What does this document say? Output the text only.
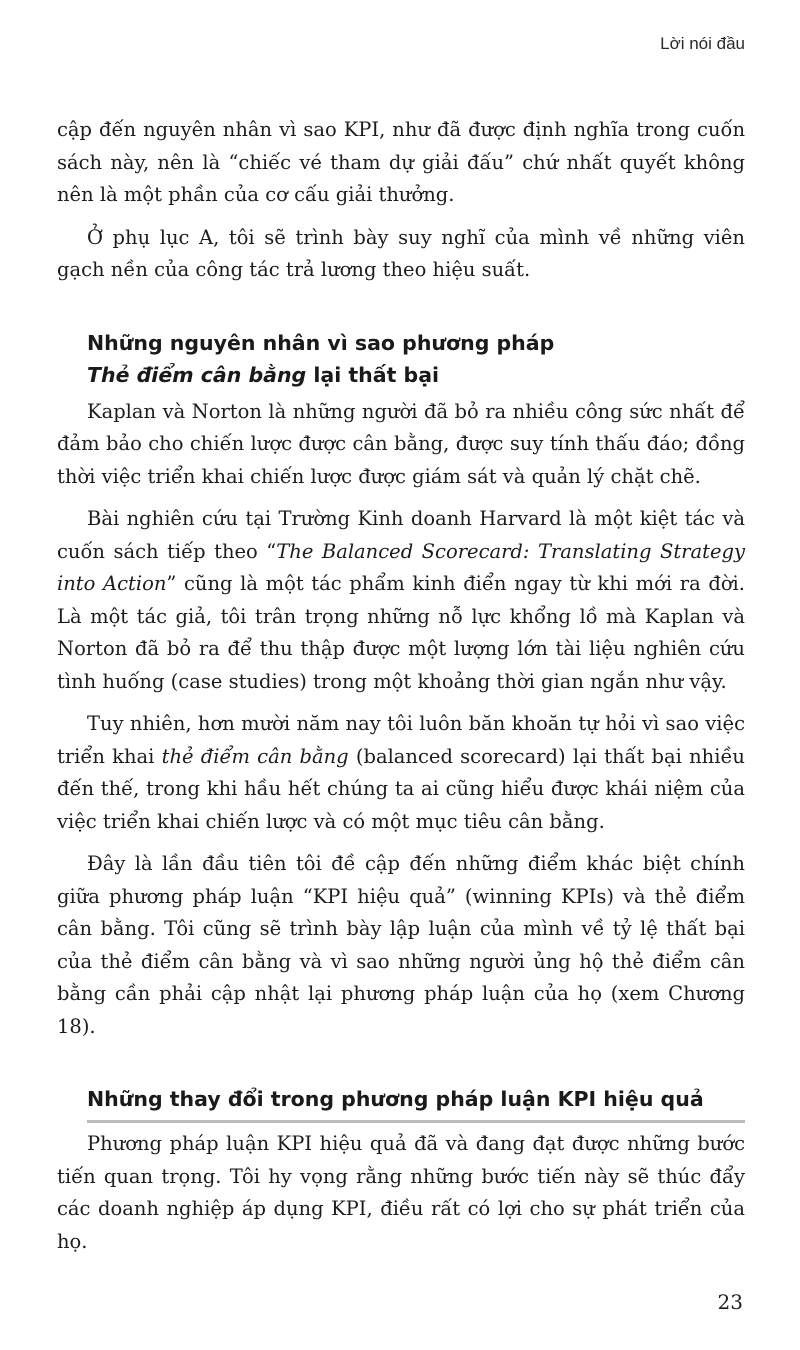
Lời nói đầu

cập đến nguyên nhân vì sao KPI, như đã được định nghĩa trong cuốn sách này, nên là “chiếc vé tham dự giải đấu” chứ nhất quyết không nên là một phần của cơ cấu giải thưởng.

Ở phụ lục A, tôi sẽ trình bày suy nghĩ của mình về những viên gạch nền của công tác trả lương theo hiệu suất.

Những nguyên nhân vì sao phương pháp
Thẻ điểm cân bằng lại thất bại

Kaplan và Norton là những người đã bỏ ra nhiều công sức nhất để đảm bảo cho chiến lược được cân bằng, được suy tính thấu đáo; đồng thời việc triển khai chiến lược được giám sát và quản lý chặt chẽ.

Bài nghiên cứu tại Trường Kinh doanh Harvard là một kiệt tác và cuốn sách tiếp theo “The Balanced Scorecard: Translating Strategy into Action” cũng là một tác phẩm kinh điển ngay từ khi mới ra đời. Là một tác giả, tôi trân trọng những nỗ lực khổng lồ mà Kaplan và Norton đã bỏ ra để thu thập được một lượng lớn tài liệu nghiên cứu tình huống (case studies) trong một khoảng thời gian ngắn như vậy.

Tuy nhiên, hơn mười năm nay tôi luôn băn khoăn tự hỏi vì sao việc triển khai thẻ điểm cân bằng (balanced scorecard) lại thất bại nhiều đến thế, trong khi hầu hết chúng ta ai cũng hiểu được khái niệm của việc triển khai chiến lược và có một mục tiêu cân bằng.

Đây là lần đầu tiên tôi đề cập đến những điểm khác biệt chính giữa phương pháp luận “KPI hiệu quả” (winning KPIs) và thẻ điểm cân bằng. Tôi cũng sẽ trình bày lập luận của mình về tỷ lệ thất bại của thẻ điểm cân bằng và vì sao những người ủng hộ thẻ điểm cân bằng cần phải cập nhật lại phương pháp luận của họ (xem Chương 18).

Những thay đổi trong phương pháp luận KPI hiệu quả

Phương pháp luận KPI hiệu quả đã và đang đạt được những bước tiến quan trọng. Tôi hy vọng rằng những bước tiến này sẽ thúc đẩy các doanh nghiệp áp dụng KPI, điều rất có lợi cho sự phát triển của họ.

23
